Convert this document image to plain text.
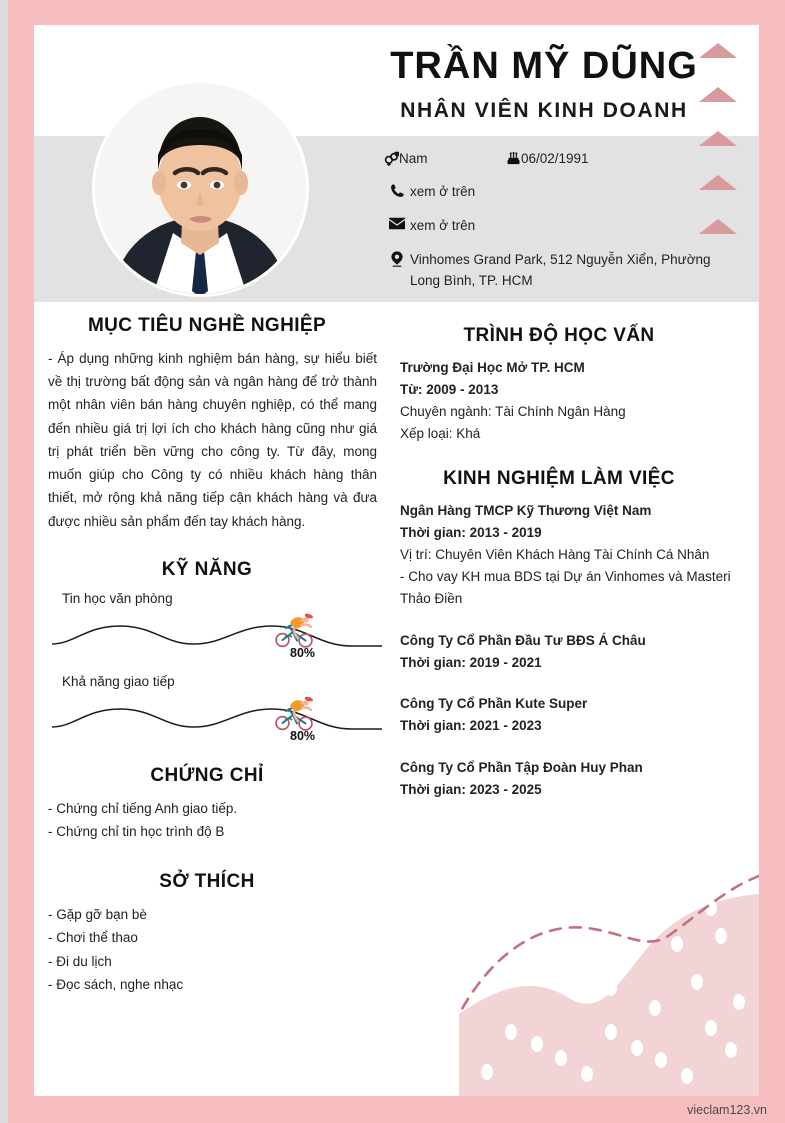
TRẦN MỸ DŨNG
NHÂN VIÊN KINH DOANH
Nam	06/02/1991
xem ở trên
xem ở trên
Vinhomes Grand Park, 512 Nguyễn Xiển, Phường Long Bình, TP. HCM
MỤC TIÊU NGHỀ NGHIỆP

- Áp dụng những kinh nghiệm bán hàng, sự hiểu biết về thị trường bất động sản và ngân hàng để trở thành một nhân viên bán hàng chuyên nghiệp, có thể mang đến nhiều giá trị lợi ích cho khách hàng cũng như giá trị phát triển bền vững cho công ty. Từ đây, mong muốn giúp cho Công ty có nhiều khách hàng thân thiết, mở rộng khả năng tiếp cận khách hàng và đưa được nhiều sản phẩm đến tay khách hàng.

KỸ NĂNG
Tin học văn phòng
80%
Khả năng giao tiếp
80%
CHỨNG CHỈ
- Chứng chỉ tiếng Anh giao tiếp.
- Chứng chỉ tin học trình độ B
SỞ THÍCH
- Gặp gỡ bạn bè
- Chơi thể thao
- Đi du lịch
- Đọc sách, nghe nhạc
TRÌNH ĐỘ HỌC VẤN
Trường Đại Học Mở TP. HCM
Từ: 2009 - 2013
Chuyên ngành: Tài Chính Ngân Hàng
Xếp loại: Khá
KINH NGHIỆM LÀM VIỆC
Ngân Hàng TMCP Kỹ Thương Việt Nam
Thời gian: 2013 - 2019
Vị trí: Chuyên Viên Khách Hàng Tài Chính Cá Nhân
- Cho vay KH mua BDS tại Dự án Vinhomes và Masteri Thảo Điền
Công Ty Cổ Phần Đầu Tư BĐS Á Châu
Thời gian: 2019 - 2021
Công Ty Cổ Phần Kute Super
Thời gian: 2021 - 2023
Công Ty Cổ Phần Tập Đoàn Huy Phan
Thời gian: 2023 - 2025
vieclam123.vn
